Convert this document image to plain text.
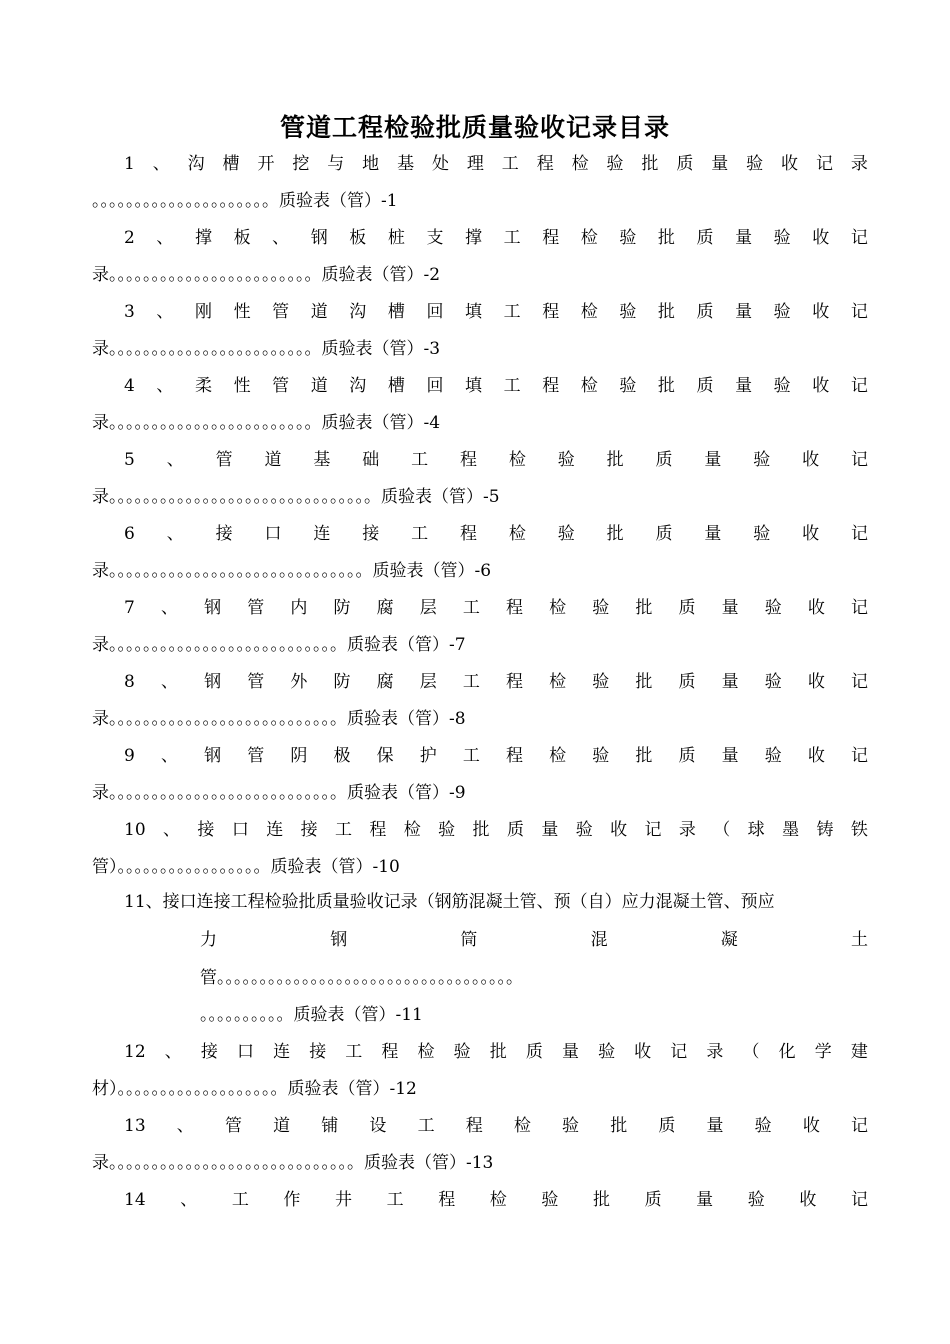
管道工程检验批质量验收记录目录
1 、 沟 槽 开 挖 与 地 基 处 理 工 程 检 验 批 质 量 验 收 记 录
。。。。。。。。。。。。。。。。。。。。。质验表（管）-1
2 、 撑 板 、 钢 板 桩 支 撑 工 程 检 验 批 质 量 验 收 记
录。。。。。。。。。。。。。。。。。。。。。。。。质验表（管）-2
3 、 刚 性 管 道 沟 槽 回 填 工 程 检 验 批 质 量 验 收 记
录。。。。。。。。。。。。。。。。。。。。。。。。质验表（管）-3
4 、 柔 性 管 道 沟 槽 回 填 工 程 检 验 批 质 量 验 收 记
录。。。。。。。。。。。。。。。。。。。。。。。。质验表（管）-4
5 、 管 道 基 础 工 程 检 验 批 质 量 验 收 记
录。。。。。。。。。。。。。。。。。。。。。。。。。。。。。。。质验表（管）-5
6 、 接 口 连 接 工 程 检 验 批 质 量 验 收 记
录。。。。。。。。。。。。。。。。。。。。。。。。。。。。。。质验表（管）-6
7 、 钢 管 内 防 腐 层 工 程 检 验 批 质 量 验 收 记
录。。。。。。。。。。。。。。。。。。。。。。。。。。。质验表（管）-7
8 、 钢 管 外 防 腐 层 工 程 检 验 批 质 量 验 收 记
录。。。。。。。。。。。。。。。。。。。。。。。。。。。质验表（管）-8
9 、 钢 管 阴 极 保 护 工 程 检 验 批 质 量 验 收 记
录。。。。。。。。。。。。。。。。。。。。。。。。。。。质验表（管）-9
10 、 接 口 连 接 工 程 检 验 批 质 量 验 收 记 录 （ 球 墨 铸 铁
管）。。。。。。。。。。。。。。。。。质验表（管）-10
11、接口连接工程检验批质量验收记录（钢筋混凝土管、预（自）应力混凝土管、预应
力	钢	筒	混	凝	土
管。。。。。。。。。。。。。。。。。。。。。。。。。。。。。。。。。。。
。。。。。。。。。。质验表（管）-11
12 、 接 口 连 接 工 程 检 验 批 质 量 验 收 记 录 （ 化 学 建
材）。。。。。。。。。。。。。。。。。。。质验表（管）-12
13 、 管 道 铺 设 工 程 检 验 批 质 量 验 收 记
录。。。。。。。。。。。。。。。。。。。。。。。。。。。。。质验表（管）-13
14 、 工 作 井 工 程 检 验 批 质 量 验 收 记
